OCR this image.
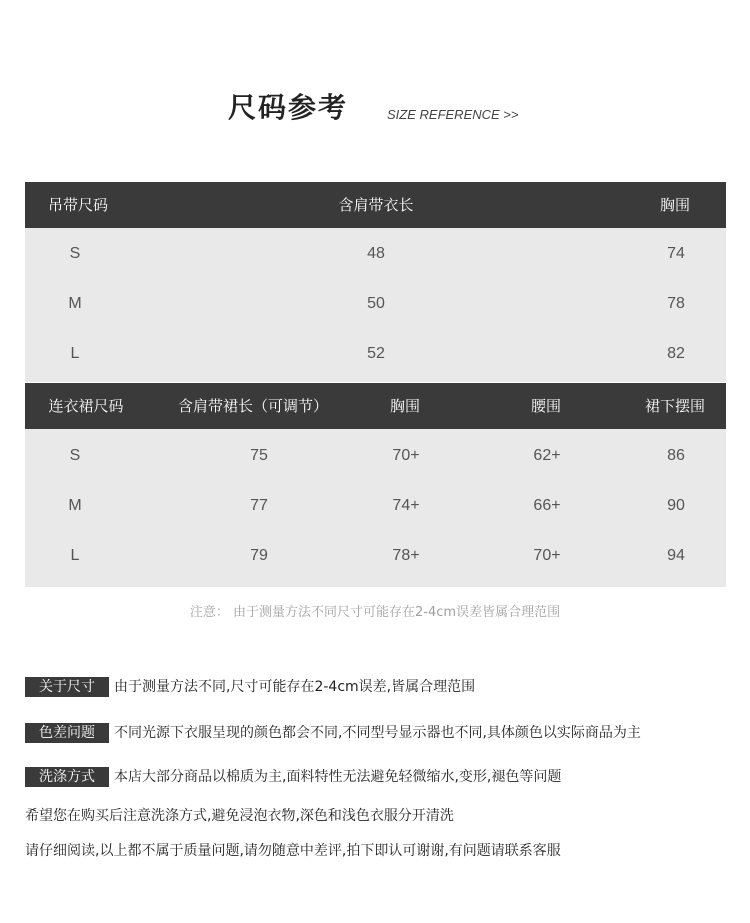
尺码参考	SIZE REFERENCE >>
吊带尺码	含肩带衣长	胸围
S	48	74
M	50	78
L	52	82
连衣裙尺码	含肩带裙长（可调节）	胸围	腰围	裙下摆围
S	75	70+	62+	86
M	77	74+	66+	90
L	79	78+	70+	94
注意： 由于测量方法不同尺寸可能存在2-4cm误差皆属合理范围
关于尺寸	由于测量方法不同,尺寸可能存在2-4cm误差,皆属合理范围
色差问题	不同光源下衣服呈现的颜色都会不同,不同型号显示器也不同,具体颜色以实际商品为主
洗涤方式	本店大部分商品以棉质为主,面料特性无法避免轻微缩水,变形,褪色等问题
希望您在购买后注意洗涤方式,避免浸泡衣物,深色和浅色衣服分开清洗
请仔细阅读,以上都不属于质量问题,请勿随意中差评,拍下即认可谢谢,有问题请联系客服
